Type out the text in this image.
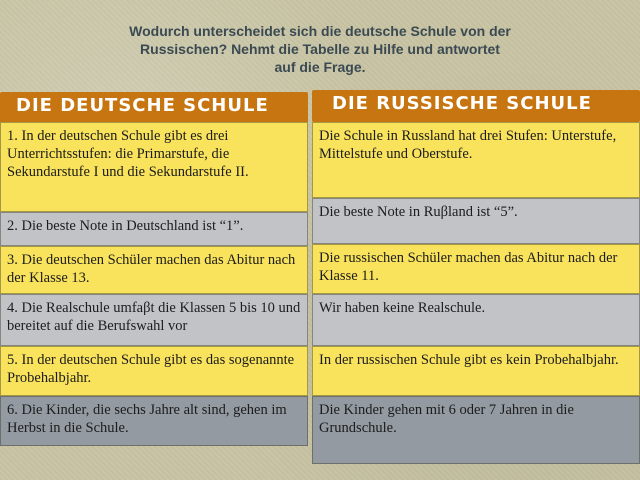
Wodurch unterscheidet sich die deutsche Schule von der
Russischen? Nehmt die Tabelle zu Hilfe und antwortet
auf die Frage.
DIE DEUTSCHE SCHULE	DIE RUSSISCHE SCHULE
1. In der deutschen Schule gibt es drei Unterrichtsstufen: die Primarstufe, die Sekundarstufe I und die Sekundarstufe II.
2. Die beste Note in Deutschland ist “1”.
3. Die deutschen Schüler machen das Abitur nach der Klasse 13.
4. Die Realschule umfaβt die Klassen 5 bis 10 und bereitet auf die Berufswahl vor
5. In der deutschen Schule gibt es das sogenannte Probehalbjahr.
6. Die Kinder, die sechs Jahre alt sind, gehen im Herbst in die Schule.
Die Schule in Russland hat drei Stufen: Unterstufe, Mittelstufe und Oberstufe.
Die beste Note in Ruβland ist “5”.
Die russischen Schüler machen das Abitur nach der Klasse 11.
Wir haben keine Realschule.
In der russischen Schule gibt es kein Probehalbjahr.
Die Kinder gehen mit 6 oder 7 Jahren in die Grundschule.
